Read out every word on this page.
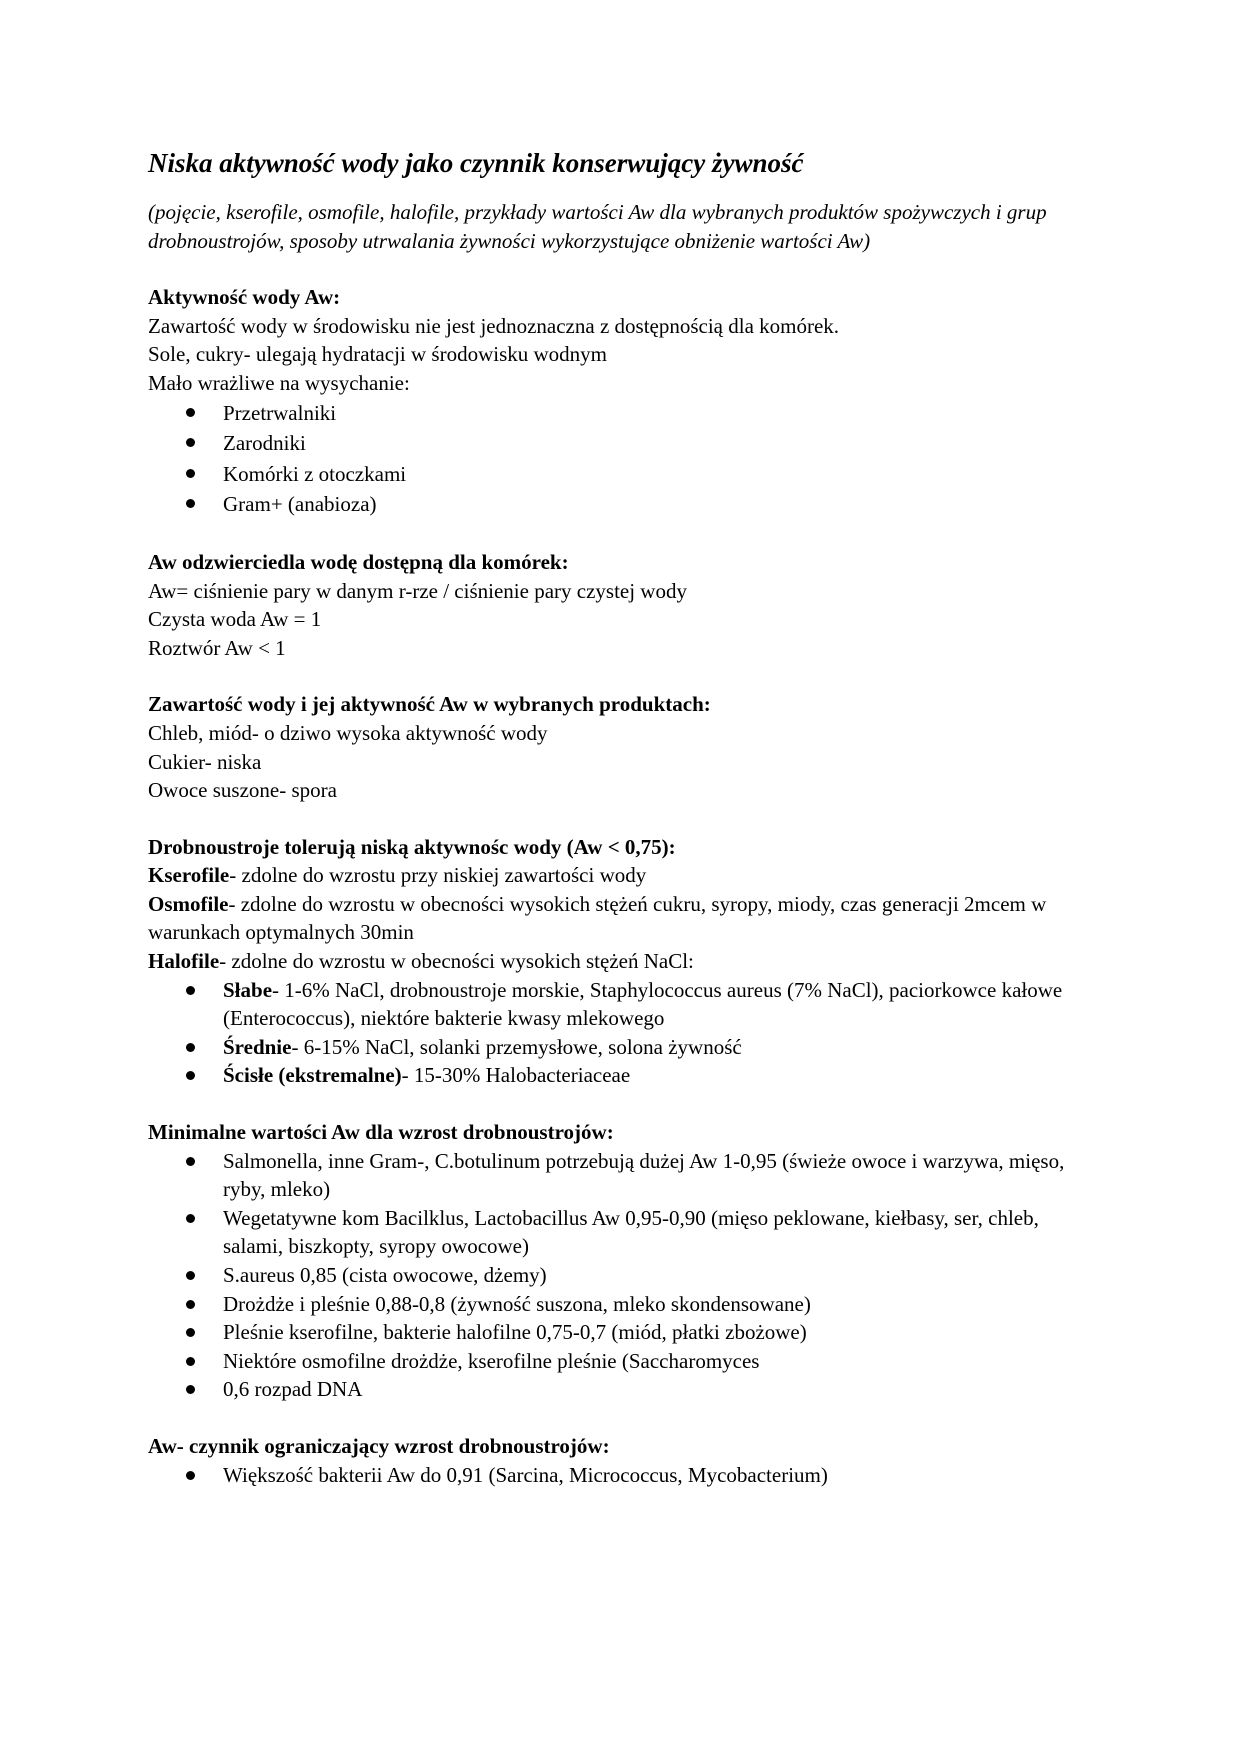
Niska aktywność wody jako czynnik konserwujący żywność

(pojęcie, kserofile, osmofile, halofile, przykłady wartości Aw dla wybranych produktów spożywczych i grup drobnoustrojów, sposoby utrwalania żywności wykorzystujące obniżenie wartości Aw)

Aktywność wody Aw:

Zawartość wody w środowisku nie jest jednoznaczna z dostępnością dla komórek.

Sole, cukry- ulegają hydratacji w środowisku wodnym

Mało wrażliwe na wysychanie:

Przetrwalniki
Zarodniki
Komórki z otoczkami
Gram+ (anabioza)

Aw odzwierciedla wodę dostępną dla komórek:

Aw= ciśnienie pary w danym r-rze / ciśnienie pary czystej wody

Czysta woda Aw = 1

Roztwór Aw < 1

Zawartość wody i jej aktywność Aw w wybranych produktach:

Chleb, miód- o dziwo wysoka aktywność wody

Cukier- niska

Owoce suszone- spora

Drobnoustroje tolerują niską aktywnośc wody (Aw < 0,75):

Kserofile- zdolne do wzrostu przy niskiej zawartości wody

Osmofile- zdolne do wzrostu w obecności wysokich stężeń cukru, syropy, miody, czas generacji 2mcem w warunkach optymalnych 30min

Halofile- zdolne do wzrostu w obecności wysokich stężeń NaCl:

Słabe- 1-6% NaCl, drobnoustroje morskie, Staphylococcus aureus (7% NaCl), paciorkowce kałowe (Enterococcus), niektóre bakterie kwasy mlekowego
Średnie- 6-15% NaCl, solanki przemysłowe, solona żywność
Ścisłe (ekstremalne)- 15-30% Halobacteriaceae

Minimalne wartości Aw dla wzrost drobnoustrojów:

Salmonella, inne Gram-, C.botulinum potrzebują dużej Aw 1-0,95 (świeże owoce i warzywa, mięso, ryby, mleko)
Wegetatywne kom Bacilklus, Lactobacillus Aw 0,95-0,90 (mięso peklowane, kiełbasy, ser, chleb, salami, biszkopty, syropy owocowe)
S.aureus 0,85 (cista owocowe, dżemy)
Drożdże i pleśnie 0,88-0,8 (żywność suszona, mleko skondensowane)
Pleśnie kserofilne, bakterie halofilne 0,75-0,7 (miód, płatki zbożowe)
Niektóre osmofilne drożdże, kserofilne pleśnie (Saccharomyces
0,6 rozpad DNA

Aw- czynnik ograniczający wzrost drobnoustrojów:

Większość bakterii Aw do 0,91 (Sarcina, Micrococcus, Mycobacterium)
